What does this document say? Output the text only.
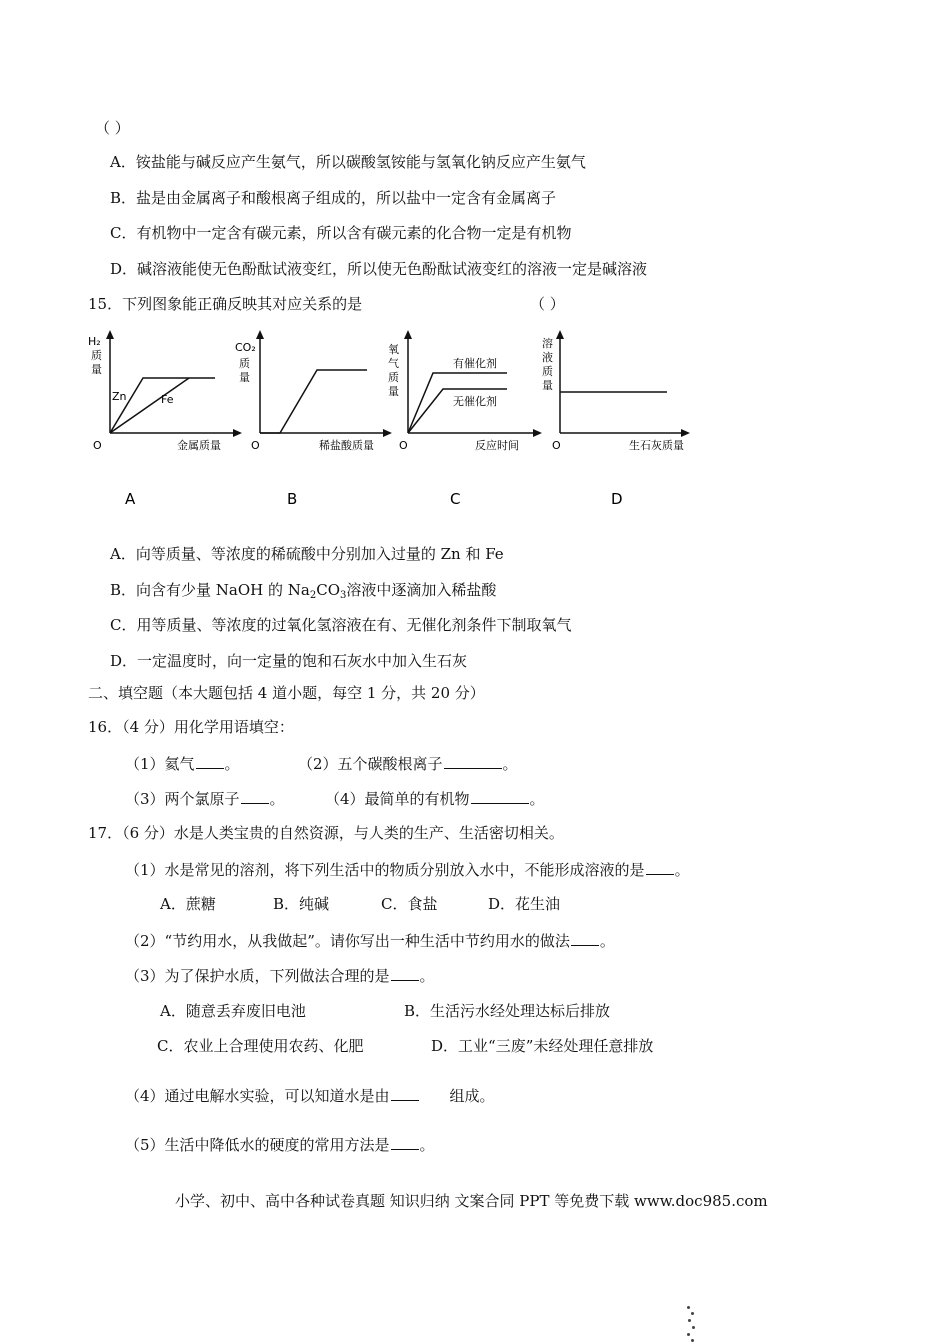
（ ）
A．铵盐能与碱反应产生氨气，所以碳酸氢铵能与氢氧化钠反应产生氨气
B．盐是由金属离子和酸根离子组成的，所以盐中一定含有金属离子
C．有机物中一定含有碳元素，所以含有碳元素的化合物一定是有机物
D．碱溶液能使无色酚酞试液变红，所以使无色酚酞试液变红的溶液一定是碱溶液
15．下列图象能正确反映其对应关系的是	（ ）
H₂
质
量
Zn	Fe
O	金属质量
A
CO₂
质
量
O	稀盐酸质量
B
氧
气
质
量
有催化剂
无催化剂
O	反应时间
C
溶
液
质
量
O	生石灰质量
D
A．向等质量、等浓度的稀硫酸中分别加入过量的 Zn 和 Fe
B．向含有少量 NaOH 的 $Na_2CO_3$溶液中逐滴加入稀盐酸
C．用等质量、等浓度的过氧化氢溶液在有、无催化剂条件下制取氧气
D．一定温度时，向一定量的饱和石灰水中加入生石灰
二、填空题（本大题包括 4 道小题，每空 1 分，共 20 分）
16．（4 分）用化学用语填空：
（1）氦气 。	（2）五个碳酸根离子	。
（3）两个氯原子 。	（4）最简单的有机物	。
17．（6 分）水是人类宝贵的自然资源，与人类的生产、生活密切相关。
（1）水是常见的溶剂，将下列生活中的物质分别放入水中，不能形成溶液的是 。
A．蔗糖	B．纯碱	C．食盐	D．花生油
（2）“节约用水，从我做起”。请你写出一种生活中节约用水的做法 。
（3）为了保护水质，下列做法合理的是 。
A．随意丢弃废旧电池	B．生活污水经处理达标后排放
C．农业上合理使用农药、化肥	D．工业“三废”未经处理任意排放
（4）通过电解水实验，可以知道水是由	组成。
（5）生活中降低水的硬度的常用方法是 。
小学、初中、高中各种试卷真题 知识归纳 文案合同 PPT 等免费下载 www.doc985.com
